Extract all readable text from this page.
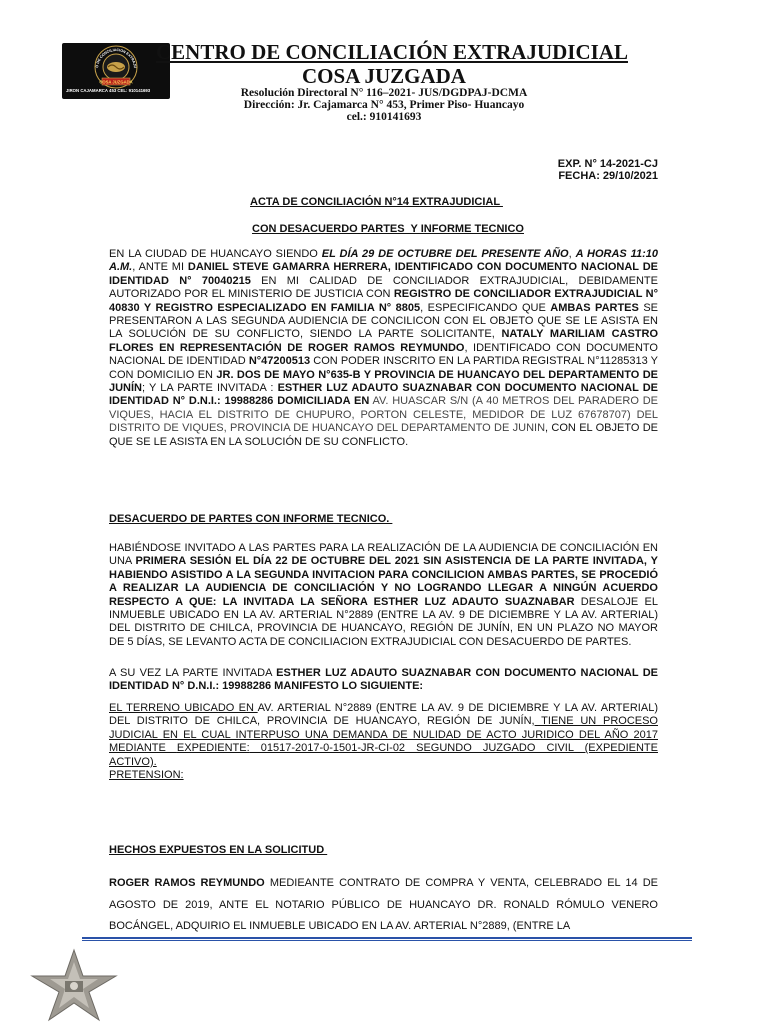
COSA JUZGADA
O DE CONCILIACION EXTRAJU
JIRON CAJAMARCA 453 CEL: 910141693
CENTRO DE CONCILIACIÓN EXTRAJUDICIAL
COSA JUZGADA
Resolución Directoral N° 116–2021- JUS/DGDPAJ-DCMA
Dirección: Jr. Cajamarca N° 453, Primer Piso- Huancayo
cel.: 910141693
EXP. N° 14-2021-CJ
FECHA: 29/10/2021
ACTA DE CONCILIACIÓN N°14 EXTRAJUDICIAL
CON DESACUERDO PARTES  Y INFORME TECNICO

EN LA CIUDAD DE HUANCAYO SIENDO EL DÍA 29 DE OCTUBRE DEL PRESENTE AÑO, A HORAS 11:10 A.M., ANTE MI DANIEL STEVE GAMARRA HERRERA, IDENTIFICADO CON DOCUMENTO NACIONAL DE IDENTIDAD N° 70040215 EN MI CALIDAD DE CONCILIADOR EXTRAJUDICIAL, DEBIDAMENTE AUTORIZADO POR EL MINISTERIO DE JUSTICIA CON REGISTRO DE CONCILIADOR EXTRAJUDICIAL N° 40830 Y REGISTRO ESPECIALIZADO EN FAMILIA N° 8805, ESPECIFICANDO QUE AMBAS PARTES SE PRESENTARON A LAS SEGUNDA AUDIENCIA DE CONCILICON CON EL OBJETO QUE SE LE ASISTA EN LA SOLUCIÓN DE SU CONFLICTO, SIENDO LA PARTE SOLICITANTE, NATALY MARILIAM CASTRO FLORES EN REPRESENTACIÓN DE ROGER RAMOS REYMUNDO, IDENTIFICADO CON DOCUMENTO NACIONAL DE IDENTIDAD N°47200513 CON PODER INSCRITO EN LA PARTIDA REGISTRAL N°11285313 Y CON DOMICILIO EN JR. DOS DE MAYO N°635-B Y PROVINCIA DE HUANCAYO DEL DEPARTAMENTO DE JUNÍN; Y LA PARTE INVITADA : ESTHER LUZ ADAUTO SUAZNABAR CON DOCUMENTO NACIONAL DE IDENTIDAD N° D.N.I.: 19988286 DOMICILIADA EN AV. HUASCAR S/N (A 40 METROS DEL PARADERO DE VIQUES, HACIA EL DISTRITO DE CHUPURO, PORTON CELESTE, MEDIDOR DE LUZ 67678707) DEL DISTRITO DE VIQUES, PROVINCIA DE HUANCAYO DEL DEPARTAMENTO DE JUNIN, CON EL OBJETO DE QUE SE LE ASISTA EN LA SOLUCIÓN DE SU CONFLICTO.

DESACUERDO DE PARTES CON INFORME TECNICO.

HABIÉNDOSE INVITADO A LAS PARTES PARA LA REALIZACIÓN DE LA AUDIENCIA DE CONCILIACIÓN EN UNA PRIMERA SESIÓN EL DÍA 22 DE OCTUBRE DEL 2021 SIN ASISTENCIA DE LA PARTE INVITADA, Y HABIENDO ASISTIDO A LA SEGUNDA INVITACION PARA CONCILICION AMBAS PARTES, SE PROCEDIÓ A REALIZAR LA AUDIENCIA DE CONCILIACIÓN Y NO LOGRANDO LLEGAR A NINGÚN ACUERDO RESPECTO A QUE: LA INVITADA LA SEÑORA ESTHER LUZ ADAUTO SUAZNABAR DESALOJE EL INMUEBLE UBICADO EN LA AV. ARTERIAL N°2889 (ENTRE LA AV. 9 DE DICIEMBRE Y LA AV. ARTERIAL) DEL DISTRITO DE CHILCA, PROVINCIA DE HUANCAYO, REGIÓN DE JUNÍN, EN UN PLAZO NO MAYOR DE 5 DÍAS, SE LEVANTO ACTA DE CONCILIACION EXTRAJUDICIAL CON DESACUERDO DE PARTES.

A SU VEZ LA PARTE INVITADA ESTHER LUZ ADAUTO SUAZNABAR CON DOCUMENTO NACIONAL DE IDENTIDAD N° D.N.I.: 19988286 MANIFESTO LO SIGUIENTE:

EL TERRENO UBICADO EN AV. ARTERIAL N°2889 (ENTRE LA AV. 9 DE DICIEMBRE Y LA AV. ARTERIAL) DEL DISTRITO DE CHILCA, PROVINCIA DE HUANCAYO, REGIÓN DE JUNÍN, TIENE UN PROCESO JUDICIAL EN EL CUAL INTERPUSO UNA DEMANDA DE NULIDAD DE ACTO JURIDICO DEL AÑO 2017 MEDIANTE EXPEDIENTE: 01517-2017-0-1501-JR-CI-02 SEGUNDO JUZGADO CIVIL (EXPEDIENTE ACTIVO).

PRETENSION:

HECHOS EXPUESTOS EN LA SOLICITUD

ROGER RAMOS REYMUNDO MEDIEANTE CONTRATO DE COMPRA Y VENTA, CELEBRADO EL 14 DE AGOSTO DE 2019, ANTE EL NOTARIO PÚBLICO DE HUANCAYO DR. RONALD RÓMULO VENERO BOCÁNGEL, ADQUIRIO EL INMUEBLE UBICADO EN LA AV. ARTERIAL N°2889, (ENTRE LA
